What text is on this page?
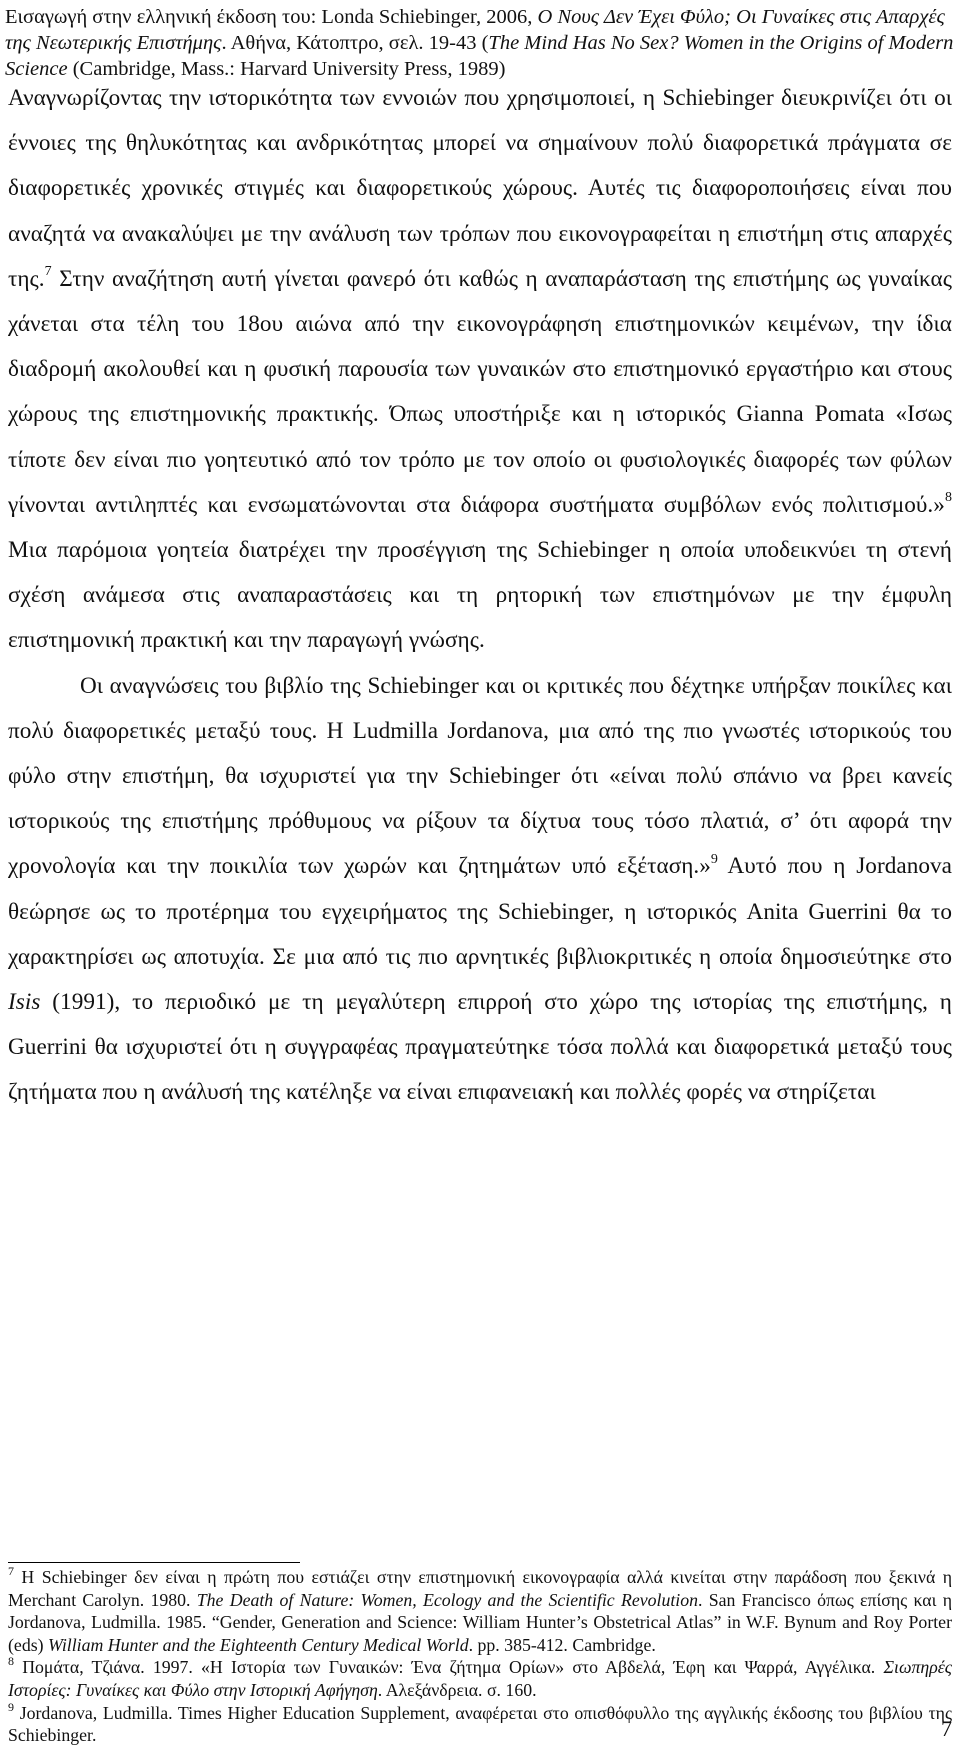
Εισαγωγή στην ελληνική έκδοση του: Londa Schiebinger, 2006, Ο Νους Δεν Έχει Φύλο; Οι Γυναίκες στις Απαρχές της Νεωτερικής Επιστήμης. Αθήνα, Κάτοπτρο, σελ. 19-43 (The Mind Has No Sex? Women in the Origins of Modern Science (Cambridge, Mass.: Harvard University Press, 1989)

Αναγνωρίζοντας την ιστορικότητα των εννοιών που χρησιμοποιεί, η Schiebinger διευκρινίζει ότι οι έννοιες της θηλυκότητας και ανδρικότητας μπορεί να σημαίνουν πολύ διαφορετικά πράγματα σε διαφορετικές χρονικές στιγμές και διαφορετικούς χώρους. Αυτές τις διαφοροποιήσεις είναι που αναζητά να ανακαλύψει με την ανάλυση των τρόπων που εικονογραφείται η επιστήμη στις απαρχές της.$^7$ Στην αναζήτηση αυτή γίνεται φανερό ότι καθώς η αναπαράσταση της επιστήμης ως γυναίκας χάνεται στα τέλη του 18ου αιώνα από την εικονογράφηση επιστημονικών κειμένων, την ίδια διαδρομή ακολουθεί και η φυσική παρουσία των γυναικών στο επιστημονικό εργαστήριο και στους χώρους της επιστημονικής πρακτικής. Όπως υποστήριξε και η ιστορικός Gianna Pomata «Ισως τίποτε δεν είναι πιο γοητευτικό από τον τρόπο με τον οποίο οι φυσιολογικές διαφορές των φύλων γίνονται αντιληπτές και ενσωματώνονται στα διάφορα συστήματα συμβόλων ενός πολιτισμού.»$^8$ Μια παρόμοια γοητεία διατρέχει την προσέγγιση της Schiebinger η οποία υποδεικνύει τη στενή σχέση ανάμεσα στις αναπαραστάσεις και τη ρητορική των επιστημόνων με την έμφυλη επιστημονική πρακτική και την παραγωγή γνώσης.

Οι αναγνώσεις του βιβλίο της Schiebinger και οι κριτικές που δέχτηκε υπήρξαν ποικίλες και πολύ διαφορετικές μεταξύ τους. Η Ludmilla Jordanova, μια από της πιο γνωστές ιστορικούς του φύλο στην επιστήμη, θα ισχυριστεί για την Schiebinger ότι «είναι πολύ σπάνιο να βρει κανείς ιστορικούς της επιστήμης πρόθυμους να ρίξουν τα δίχτυα τους τόσο πλατιά, σ’ ότι αφορά την χρονολογία και την ποικιλία των χωρών και ζητημάτων υπό εξέταση.»$^9$ Αυτό που η Jordanova θεώρησε ως το προτέρημα του εγχειρήματος της Schiebinger, η ιστορικός Anita Guerrini θα το χαρακτηρίσει ως αποτυχία. Σε μια από τις πιο αρνητικές βιβλιοκριτικές η οποία δημοσιεύτηκε στο Isis (1991), το περιοδικό με τη μεγαλύτερη επιρροή στο χώρο της ιστορίας της επιστήμης, η Guerrini θα ισχυριστεί ότι η συγγραφέας πραγματεύτηκε τόσα πολλά και διαφορετικά μεταξύ τους ζητήματα που η ανάλυσή της κατέληξε να είναι επιφανειακή και πολλές φορές να στηρίζεται

$^7$ Η Schiebinger δεν είναι η πρώτη που εστιάζει στην επιστημονική εικονογραφία αλλά κινείται στην παράδοση που ξεκινά η Merchant Carolyn. 1980. The Death of Nature: Women, Ecology and the Scientific Revolution. San Francisco όπως επίσης και η Jordanova, Ludmilla. 1985. “Gender, Generation and Science: William Hunter’s Obstetrical Atlas” in W.F. Bynum and Roy Porter (eds) William Hunter and the Eighteenth Century Medical World. pp. 385-412. Cambridge.

$^8$ Πομάτα, Τζιάνα. 1997. «Η Ιστορία των Γυναικών: Ένα ζήτημα Ορίων» στο Αβδελά, Έφη και Ψαρρά, Αγγέλικα. Σιωπηρές Ιστορίες: Γυναίκες και Φύλο στην Ιστορική Αφήγηση. Αλεξάνδρεια. σ. 160.

$^9$ Jordanova, Ludmilla. Times Higher Education Supplement, αναφέρεται στο οπισθόφυλλο της αγγλικής έκδοσης του βιβλίου της Schiebinger.	7
